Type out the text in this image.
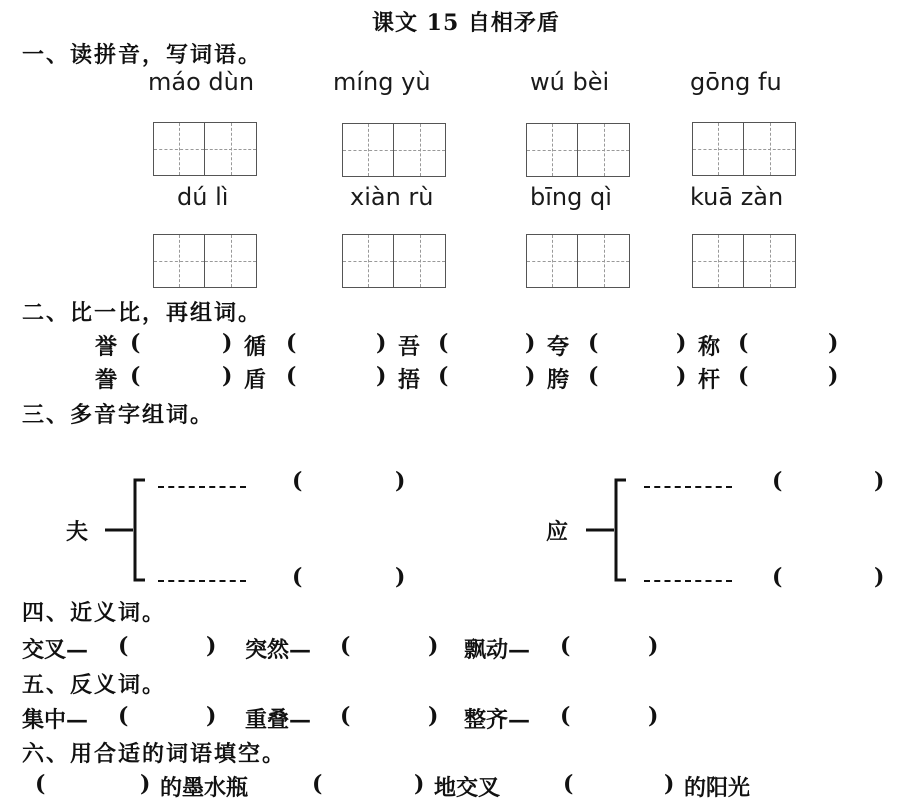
课文 15 自相矛盾
一、读拼音，写词语。
máo dùn	míng yù	wú bèi	gōng fu
dú lì	xiàn rù	bīng qì	kuā zàn
二、比一比，再组词。
誉 (	) 循 (	) 吾 (	) 夸 (	) 称 (	)
誊 (	) 盾 (	) 捂 (	) 胯 (	) 杆 (	)
三、多音字组词。
夫
(	)
(	)
应
(	)
(	)
四、近义词。
交叉— (	) 突然— (	) 飘动— (	)
五、反义词。
集中— (	) 重叠— (	) 整齐— (	)
六、用合适的词语填空。
(	) 的墨水瓶	(	) 地交叉	(	) 的阳光
